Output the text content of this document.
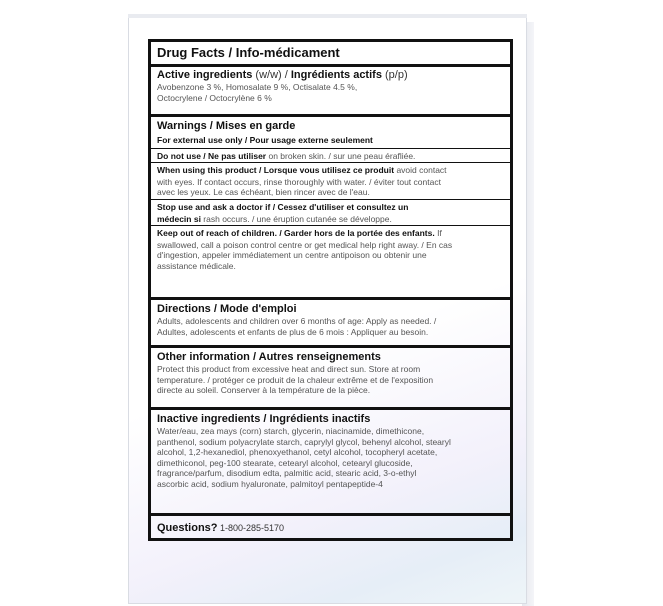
Drug Facts / Info-médicament
Active ingredients (w/w) / Ingrédients actifs (p/p)
Avobenzone 3 %, Homosalate 9 %, Octisalate 4.5 %,
Octocrylene / Octocrylène 6 %
Warnings / Mises en garde
For external use only / Pour usage externe seulement
Do not use / Ne pas utiliser on broken skin. / sur une peau érafliée.
When using this product / Lorsque vous utilisez ce produit avoid contact
with eyes. If contact occurs, rinse thoroughly with water. / éviter tout contact
avec les yeux. Le cas échéant, bien rincer avec de l'eau.
Stop use and ask a doctor if / Cessez d'utiliser et consultez un
médecin si rash occurs. / une éruption cutanée se développe.
Keep out of reach of children. / Garder hors de la portée des enfants. If
swallowed, call a poison control centre or get medical help right away. / En cas
d'ingestion, appeler immédiatement un centre antipoison ou obtenir une
assistance médicale.
Directions / Mode d'emploi
Adults, adolescents and children over 6 months of age: Apply as needed. /
Adultes, adolescents et enfants de plus de 6 mois : Appliquer au besoin.
Other information / Autres renseignements
Protect this product from excessive heat and direct sun. Store at room
temperature. / protéger ce produit de la chaleur extrême et de l'exposition
directe au soleil. Conserver à la température de la pièce.
Inactive ingredients / Ingrédients inactifs
Water/eau, zea mays (corn) starch, glycerin, niacinamide, dimethicone,
panthenol, sodium polyacrylate starch, caprylyl glycol, behenyl alcohol, stearyl
alcohol, 1,2-hexanediol, phenoxyethanol, cetyl alcohol, tocopheryl acetate,
dimethiconol, peg-100 stearate, cetearyl alcohol, cetearyl glucoside,
fragrance/parfum, disodium edta, palmitic acid, stearic acid, 3-o-ethyl
ascorbic acid, sodium hyaluronate, palmitoyl pentapeptide-4
Questions? 1-800-285-5170
